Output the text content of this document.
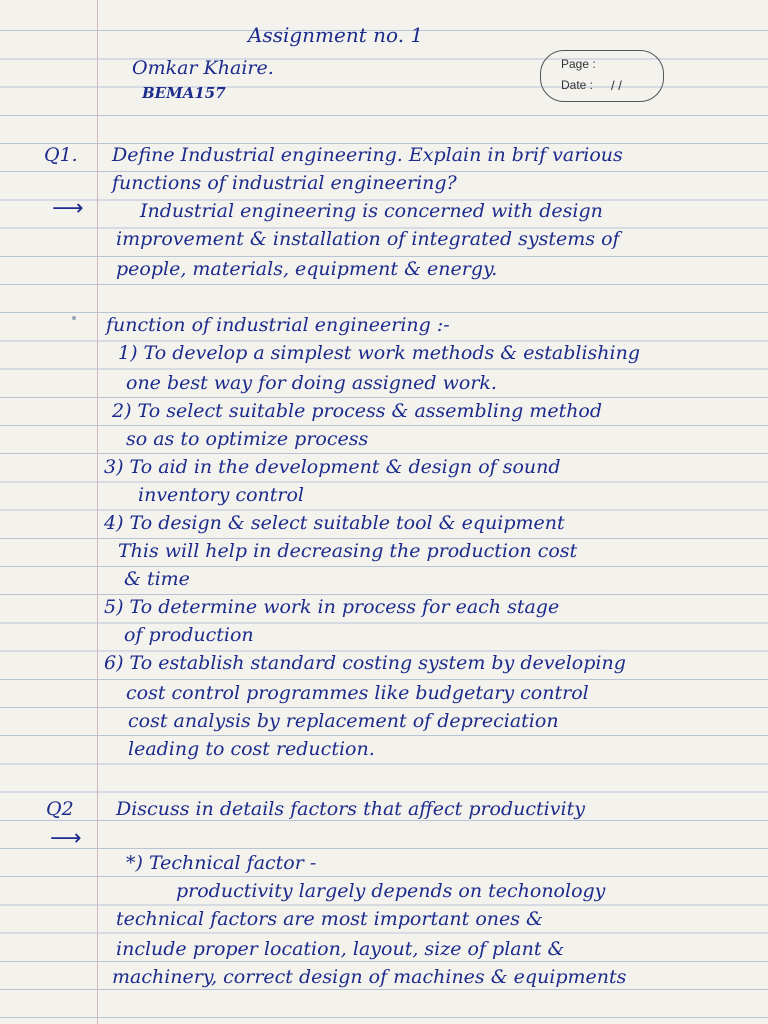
Assignment no. 1
Omkar Khaire.
BEMA157
Page :
Date : / /
Q1. Define Industrial engineering. Explain in brif various
functions of industrial engineering?
⟶	Industrial engineering is concerned with design
improvement & installation of integrated systems of
people, materials, equipment & energy.
function of industrial engineering :-
1) To develop a simplest work methods & establishing
one best way for doing assigned work.
2) To select suitable process & assembling method
so as to optimize process
3) To aid in the development & design of sound
inventory control
4) To design & select suitable tool & equipment
This will help in decreasing the production cost
& time
5) To determine work in process for each stage
of production
6) To establish standard costing system by developing
cost control programmes like budgetary control
cost analysis by replacement of depreciation
leading to cost reduction.
Q2 Discuss in details factors that affect productivity
⟶
*) Technical factor -
productivity largely depends on techonology
technical factors are most important ones &
include proper location, layout, size of plant &
machinery, correct design of machines & equipments
